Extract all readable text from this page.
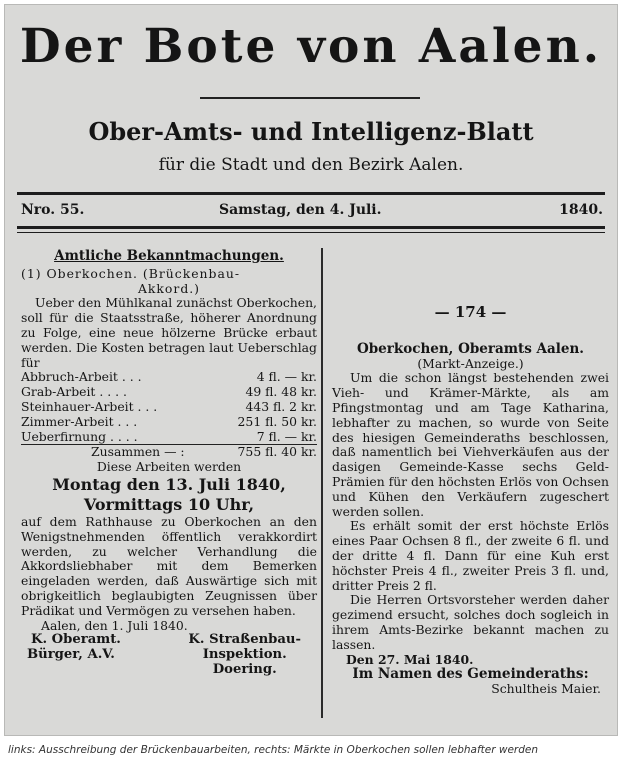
Der Bote von Aalen.
Ober-Amts- und Intelligenz-Blatt
für die Stadt und den Bezirk Aalen.
Nro. 55.	Samstag, den 4. Juli.	1840.

Amtliche Bekanntmachungen.

(1) Oberkochen. (Brückenbau-

Akkord.)

Ueber den Mühlkanal zunächst Oberkochen, soll für die Staatsstraße, höherer Anordnung zu Folge, eine neue hölzerne Brücke erbaut werden. Die Kosten betragen laut Ueberschlag für

Abbruch-Arbeit . . .	4 fl. — kr.
Grab-Arbeit . . . .	49 fl. 48 kr.
Steinhauer-Arbeit . . .	443 fl. 2 kr.
Zimmer-Arbeit . . .	251 fl. 50 kr.
Ueberfirnung . . . .	7 fl. — kr.
Zusammen — :	755 fl. 40 kr.

Diese Arbeiten werden

Montag den 13. Juli 1840,

Vormittags 10 Uhr,

auf dem Rathhause zu Oberkochen an den Wenigstnehmenden öffentlich verakkordirt werden, zu welcher Verhandlung die Akkordsliebhaber mit dem Bemerken eingeladen werden, daß Auswärtige sich mit obrigkeitlich beglaubigten Zeugnissen über Prädikat und Vermögen zu versehen haben.

Aalen, den 1. Juli 1840.

K. Oberamt.

Bürger, A.V.

K. Straßenbau-

Inspektion.

Doering.

— 174 —

Oberkochen, Oberamts Aalen.

(Markt-Anzeige.)

Um die schon längst bestehenden zwei Vieh- und Krämer-Märkte, als am Pfingstmontag und am Tage Katharina, lebhafter zu machen, so wurde von Seite des hiesigen Gemeinderaths beschlossen, daß namentlich bei Viehverkäufen aus der dasigen Gemeinde-Kasse sechs Geld-Prämien für den höchsten Erlös von Ochsen und Kühen den Verkäufern zugeschert werden sollen.

Es erhält somit der erst höchste Erlös eines Paar Ochsen 8 fl., der zweite 6 fl. und der dritte 4 fl. Dann für eine Kuh erst höchster Preis 4 fl., zweiter Preis 3 fl. und, dritter Preis 2 fl.

Die Herren Ortsvorsteher werden daher gezimend ersucht, solches doch sogleich in ihrem Amts-Bezirke bekannt machen zu lassen.

Den 27. Mai 1840.

Im Namen des Gemeinderaths:

Schultheis Maier.

links: Ausschreibung der Brückenbauarbeiten, rechts: Märkte in Oberkochen sollen lebhafter werden
